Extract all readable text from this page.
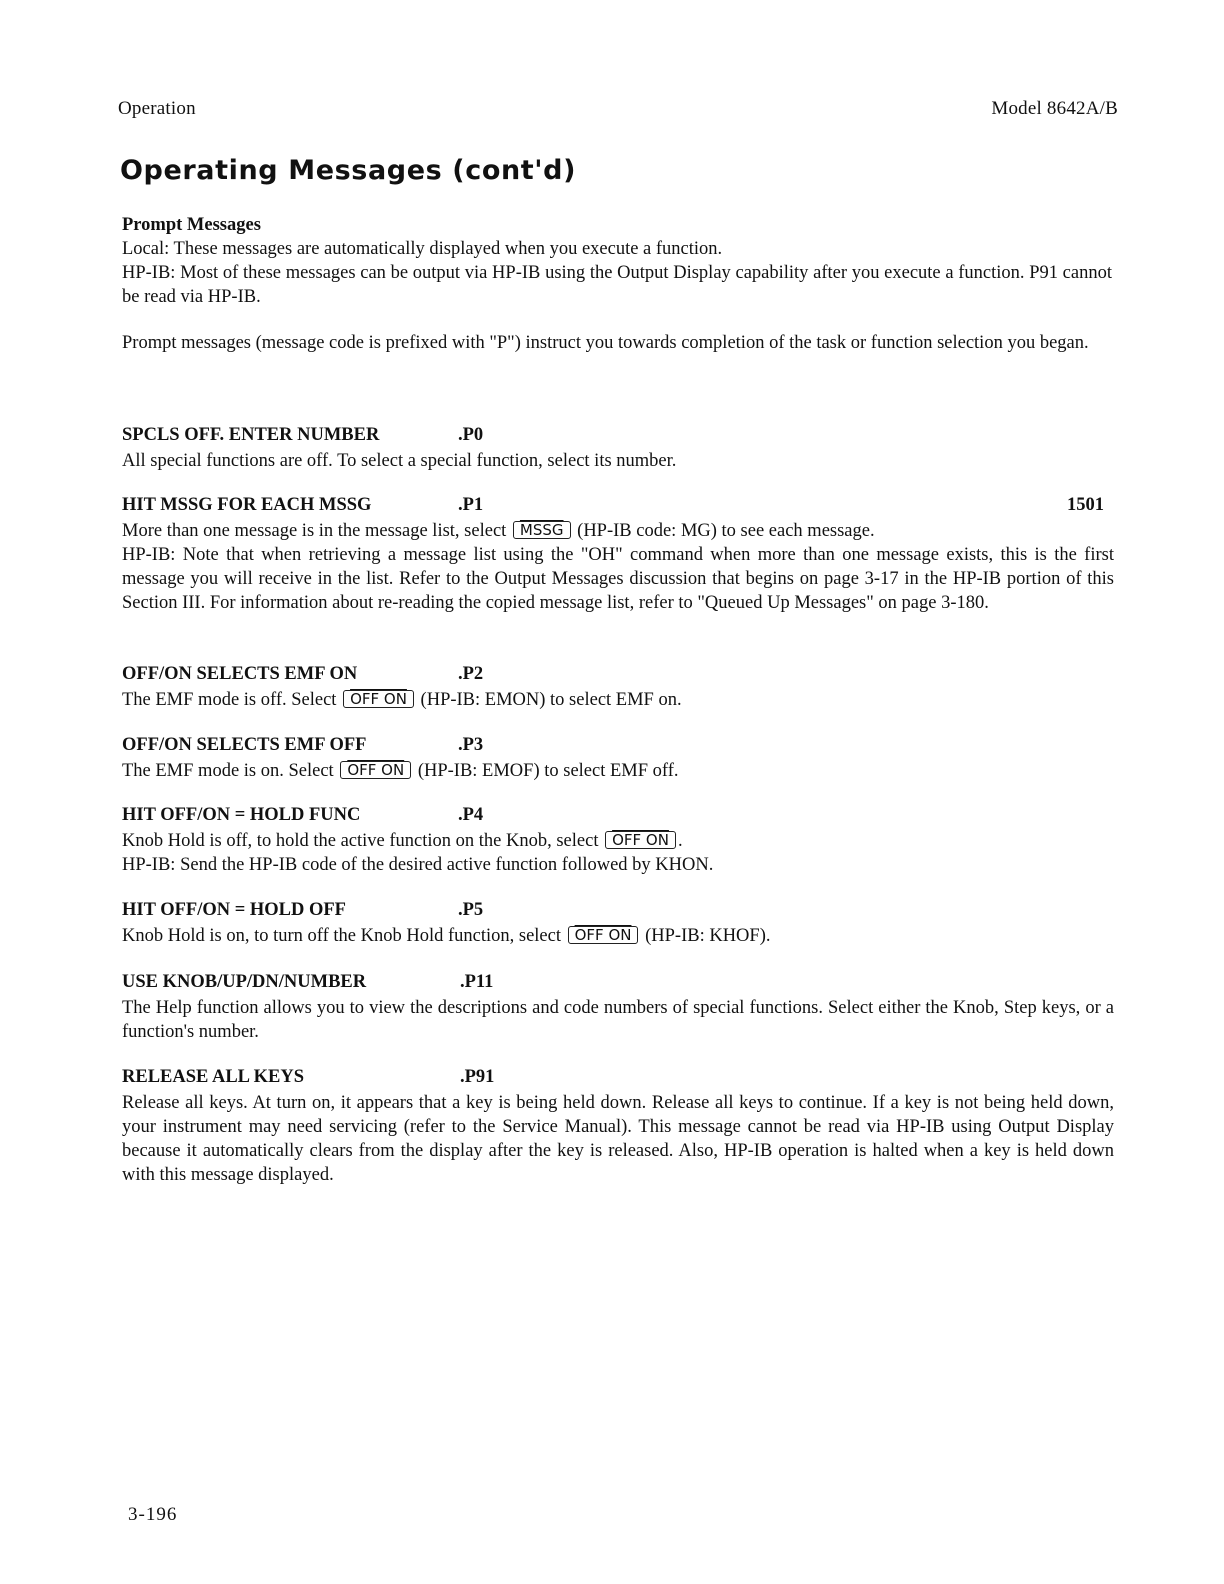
Operation	Model 8642A/B
Operating Messages (cont'd)
Prompt Messages

Local: These messages are automatically displayed when you execute a function.

HP-IB: Most of these messages can be output via HP-IB using the Output Display capability after you execute a function. P91 cannot be read via HP-IB.

Prompt messages (message code is prefixed with "P") instruct you towards completion of the task or function selection you began.

SPCLS OFF. ENTER NUMBER	.P0

All special functions are off. To select a special function, select its number.

HIT MSSG FOR EACH MSSG	.P1	1501

More than one message is in the message list, select MSSG (HP-IB code: MG) to see each message.

HP-IB: Note that when retrieving a message list using the "OH" command when more than one message exists, this is the first message you will receive in the list. Refer to the Output Messages discussion that begins on page 3-17 in the HP-IB portion of this Section III. For information about re-reading the copied message list, refer to "Queued Up Messages" on page 3-180.

OFF/ON SELECTS EMF ON	.P2

The EMF mode is off. Select OFF ON (HP-IB: EMON) to select EMF on.

OFF/ON SELECTS EMF OFF	.P3

The EMF mode is on. Select OFF ON (HP-IB: EMOF) to select EMF off.

HIT OFF/ON = HOLD FUNC	.P4

Knob Hold is off, to hold the active function on the Knob, select OFF ON .

HP-IB: Send the HP-IB code of the desired active function followed by KHON.

HIT OFF/ON = HOLD OFF	.P5

Knob Hold is on, to turn off the Knob Hold function, select OFF ON (HP-IB: KHOF).

USE KNOB/UP/DN/NUMBER	.P11

The Help function allows you to view the descriptions and code numbers of special functions. Select either the Knob, Step keys, or a function's number.

RELEASE ALL KEYS	.P91

Release all keys. At turn on, it appears that a key is being held down. Release all keys to continue. If a key is not being held down, your instrument may need servicing (refer to the Service Manual). This message cannot be read via HP-IB using Output Display because it automatically clears from the display after the key is released. Also, HP-IB operation is halted when a key is held down with this message displayed.

3-196
